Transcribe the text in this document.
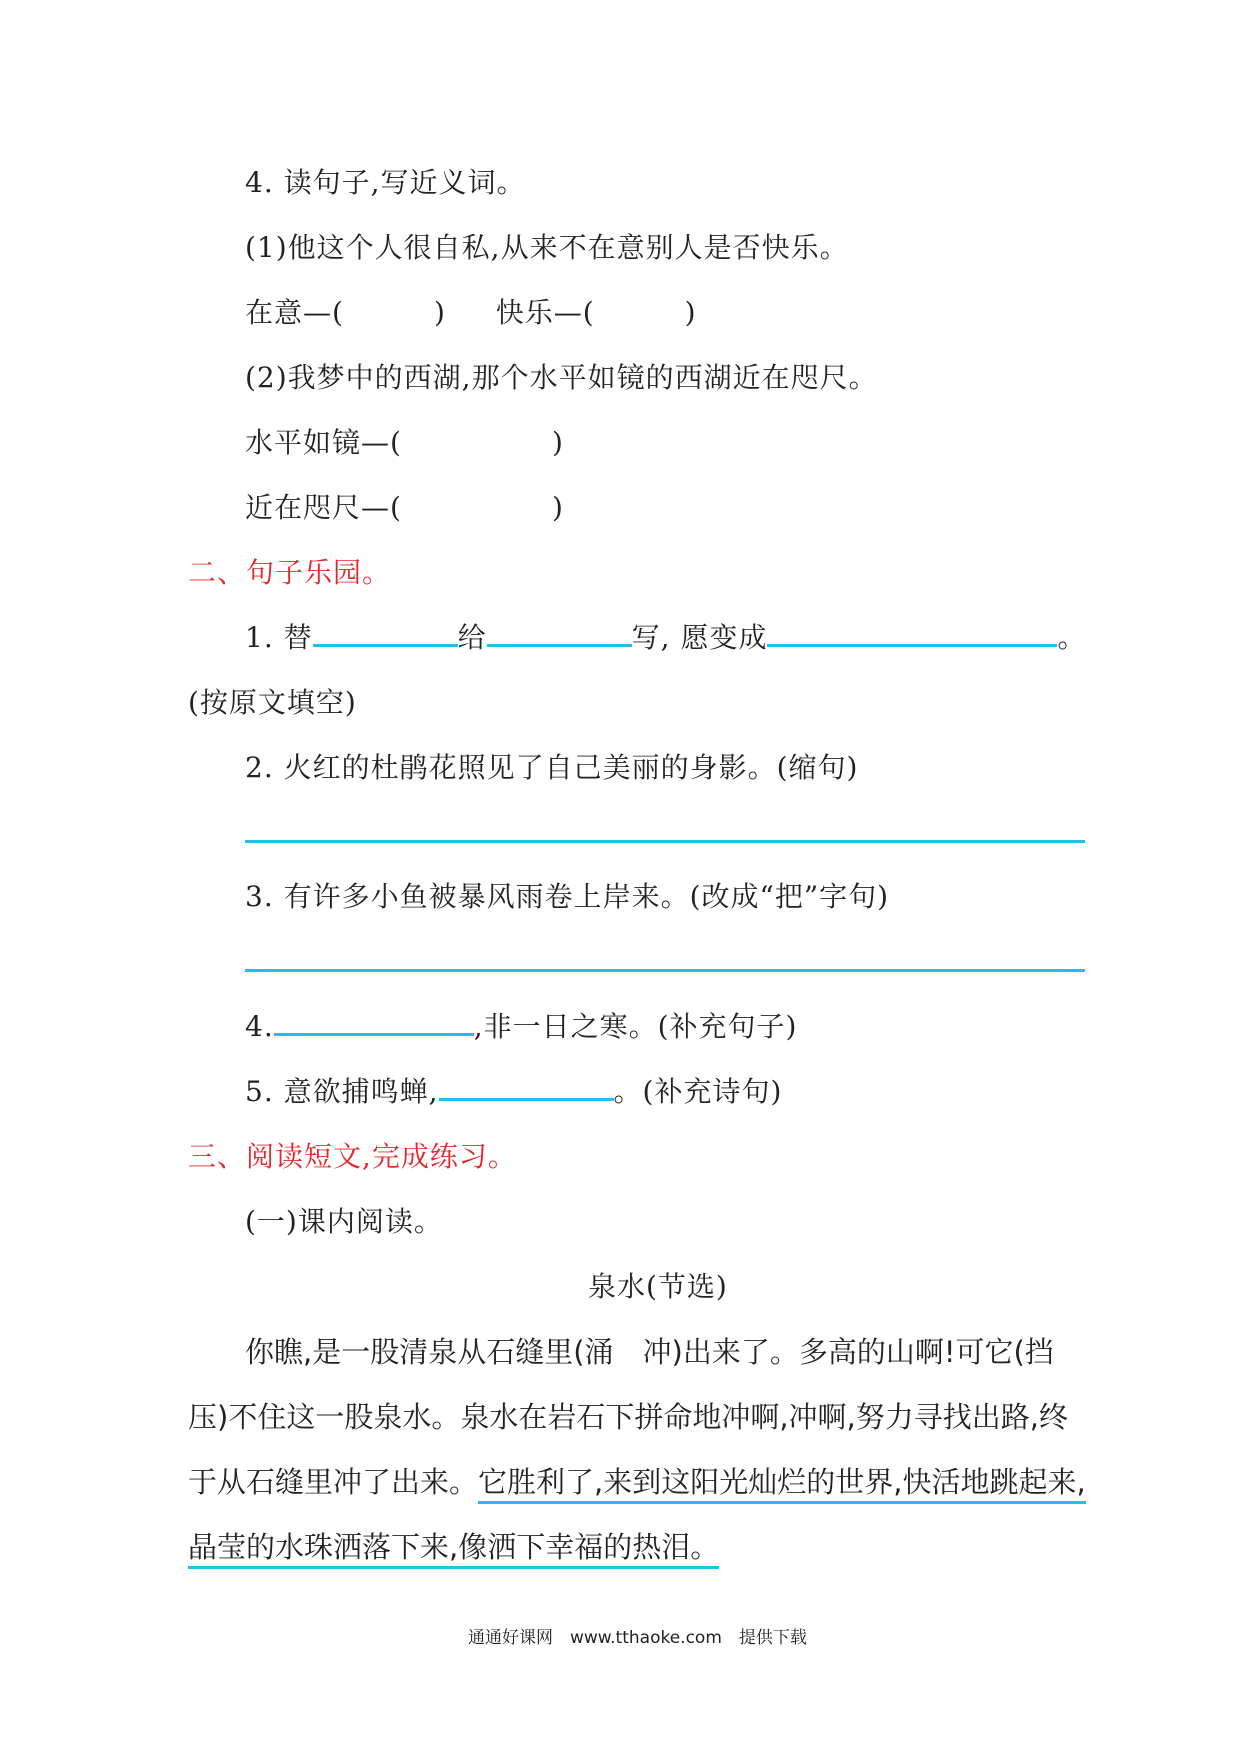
4. 读句子,写近义词。
(1)他这个人很自私,从来不在意别人是否快乐。
在意—(	) 快乐—(	)
(2)我梦中的西湖,那个水平如镜的西湖近在咫尺。
水平如镜—(	)
近在咫尺—(	)
二、句子乐园。
1. 替	给	写, 愿变成	。
(按原文填空)
2. 火红的杜鹃花照见了自己美丽的身影。(缩句)
3. 有许多小鱼被暴风雨卷上岸来。(改成“把”字句)
4.	,非一日之寒。(补充句子)
5. 意欲捕鸣蝉,	。(补充诗句)
三、阅读短文,完成练习。
(一)课内阅读。
泉水(节选)
你瞧,是一股清泉从石缝里(涌　冲)出来了。多高的山啊!可它(挡
压)不住这一股泉水。泉水在岩石下拼命地冲啊,冲啊,努力寻找出路,终
于从石缝里冲了出来。它胜利了,来到这阳光灿烂的世界,快活地跳起来,
晶莹的水珠洒落下来,像洒下幸福的热泪。
通通好课网　www.tthaoke.com　提供下载
